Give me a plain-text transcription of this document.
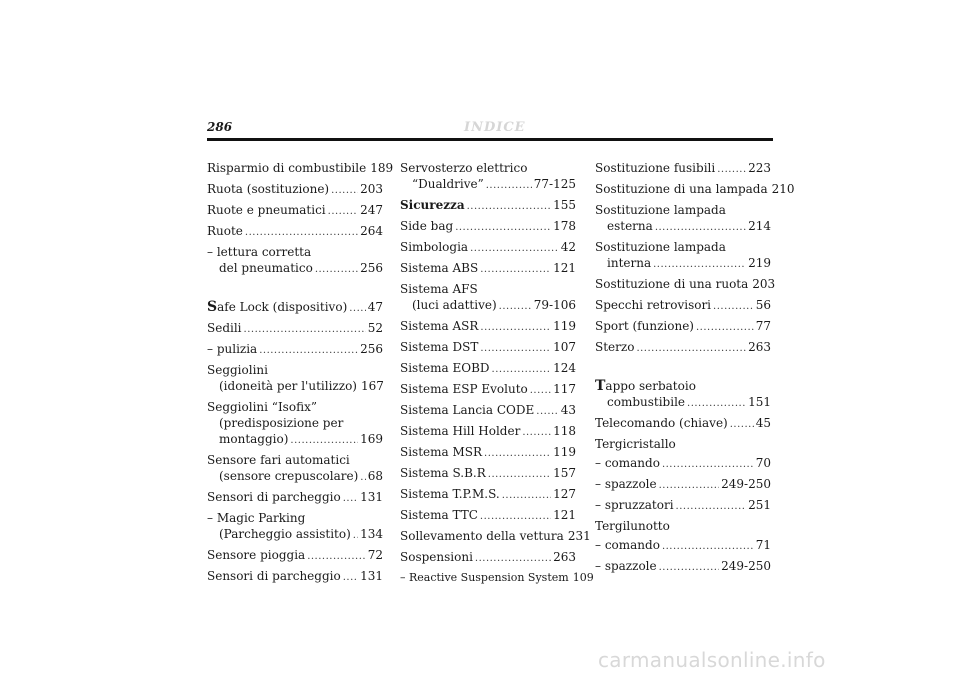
286	INDICE
Risparmio di combustibile 189
Ruota (sostituzione) .....	203
Ruote e pneumatici .....	247
Ruote .....	264
– lettura corretta
del pneumatico .....	256
Safe Lock (dispositivo) ..... 47
Sedili .....	52
– pulizia .....	256
Seggiolini
(idoneità per l'utilizzo) 167
Seggiolini “Isofix”
(predisposizione per
montaggio) .....	169
Sensore fari automatici
(sensore crepuscolare) ..... 68
Sensori di parcheggio ..... 131
– Magic Parking
(Parcheggio assistito) ..... 134
Sensore pioggia .....	72
Sensori di parcheggio ..... 131
Servosterzo elettrico
“Dualdrive” .....	77-125
Sicurezza .....	155
Side bag .....	178
Simbologia .....	42
Sistema ABS .....	121
Sistema AFS
(luci adattive) .....	79-106
Sistema ASR .....	119
Sistema DST .....	107
Sistema EOBD .....	124
Sistema ESP Evoluto ..... 117
Sistema Lancia CODE ..... 43
Sistema Hill Holder .....	118
Sistema MSR .....	119
Sistema S.B.R .....	157
Sistema T.P.M.S. .....	127
Sistema TTC .....	121
Sollevamento della vettura 231
Sospensioni .....	263
– Reactive Suspension System 109
Sostituzione fusibili .....	223
Sostituzione di una lampada 210
Sostituzione lampada
esterna .....	214
Sostituzione lampada
interna .....	219
Sostituzione di una ruota 203
Specchi retrovisori .....	56
Sport (funzione) .....	77
Sterzo .....	263
Tappo serbatoio
combustibile .....	151
Telecomando (chiave) ..... 45
Tergicristallo
– comando .....	70
– spazzole .....	249-250
– spruzzatori .....	251
Tergilunotto
– comando .....	71
– spazzole .....	249-250
carmanualsonline.info
